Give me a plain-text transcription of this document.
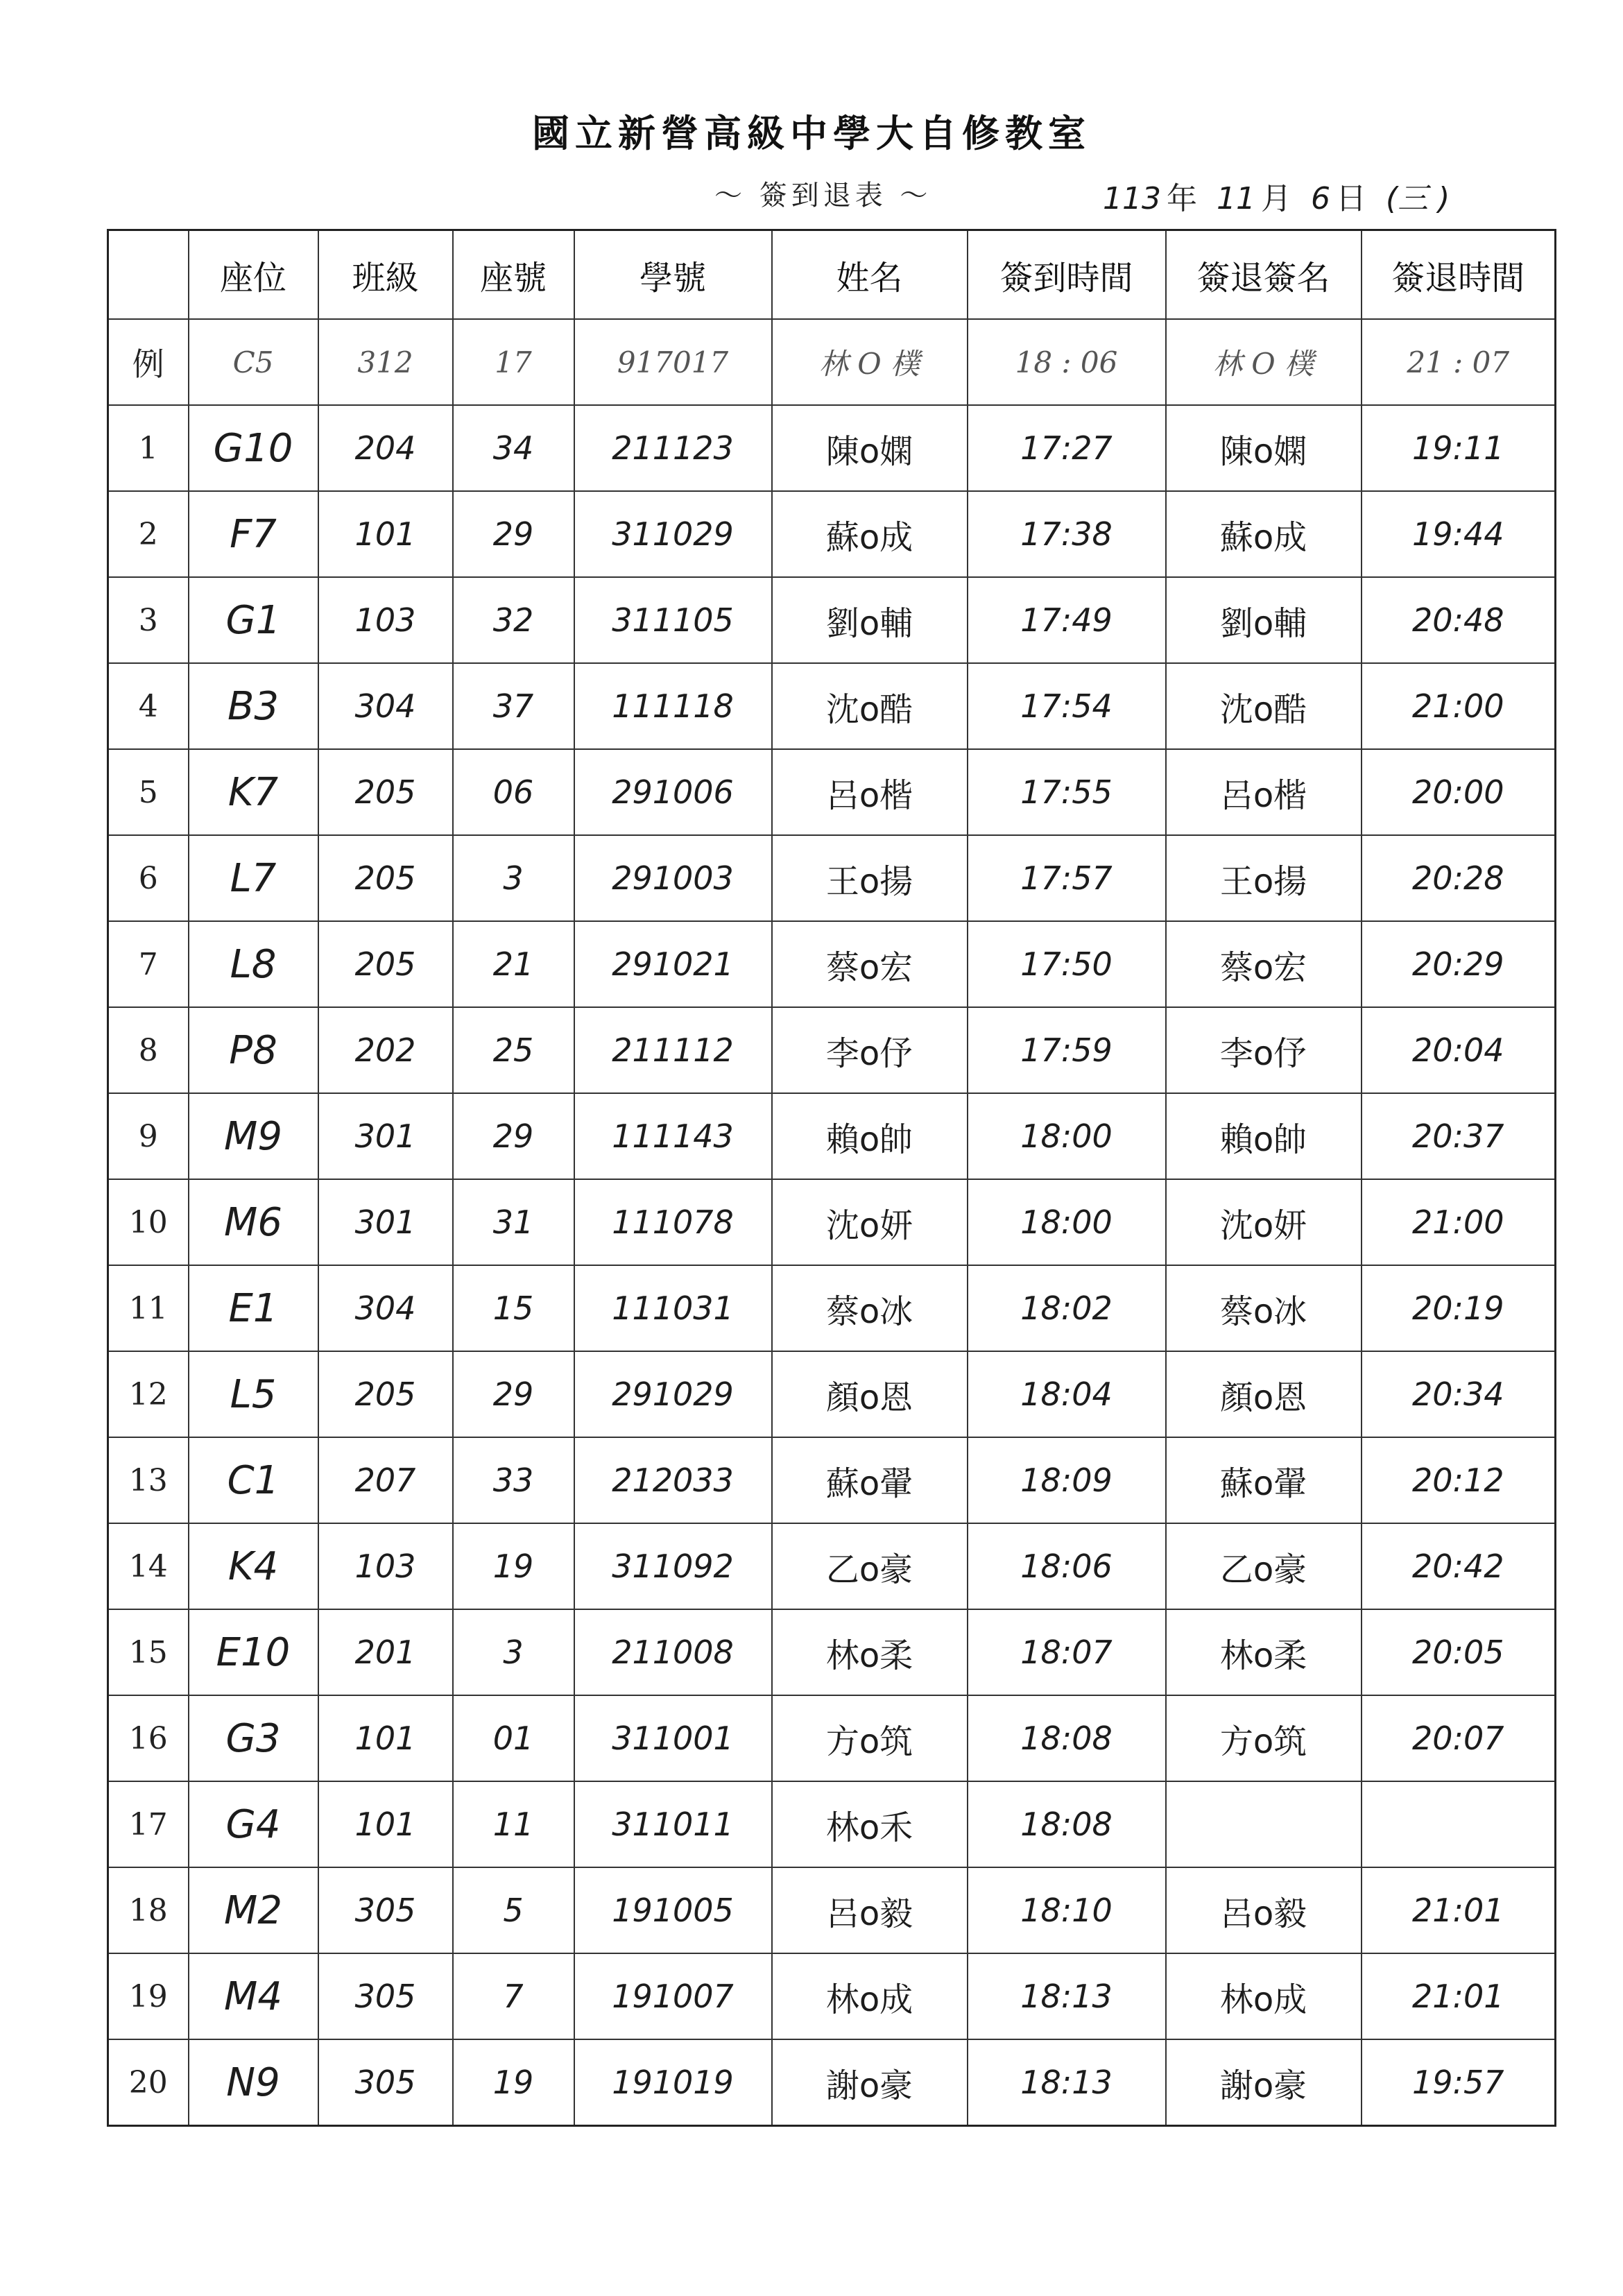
國立新營高級中學大自修教室
～ 簽到退表 ～	113 年 11 月 6 日 (三 )
	座位	班級	座號	學號	姓名	簽到時間	簽退簽名	簽退時間
例	C5	312	17	917017	林 O 樸	18 : 06	林 O 樸	21 : 07
1	G10	204	34	211123	陳o嫻	17:27	陳o嫻	19:11
2	F7	101	29	311029	蘇o成	17:38	蘇o成	19:44
3	G1	103	32	311105	劉o輔	17:49	劉o輔	20:48
4	B3	304	37	111118	沈o酷	17:54	沈o酷	21:00
5	K7	205	06	291006	呂o楷	17:55	呂o楷	20:00
6	L7	205	3	291003	王o揚	17:57	王o揚	20:28
7	L8	205	21	291021	蔡o宏	17:50	蔡o宏	20:29
8	P8	202	25	211112	李o伃	17:59	李o伃	20:04
9	M9	301	29	111143	賴o帥	18:00	賴o帥	20:37
10	M6	301	31	111078	沈o妍	18:00	沈o妍	21:00
11	E1	304	15	111031	蔡o冰	18:02	蔡o冰	20:19
12	L5	205	29	291029	顏o恩	18:04	顏o恩	20:34
13	C1	207	33	212033	蘇o翬	18:09	蘇o翬	20:12
14	K4	103	19	311092	乙o豪	18:06	乙o豪	20:42
15	E10	201	3	211008	林o柔	18:07	林o柔	20:05
16	G3	101	01	311001	方o筑	18:08	方o筑	20:07
17	G4	101	11	311011	林o禾	18:08		
18	M2	305	5	191005	呂o毅	18:10	呂o毅	21:01
19	M4	305	7	191007	林o成	18:13	林o成	21:01
20	N9	305	19	191019	謝o豪	18:13	謝o豪	19:57
